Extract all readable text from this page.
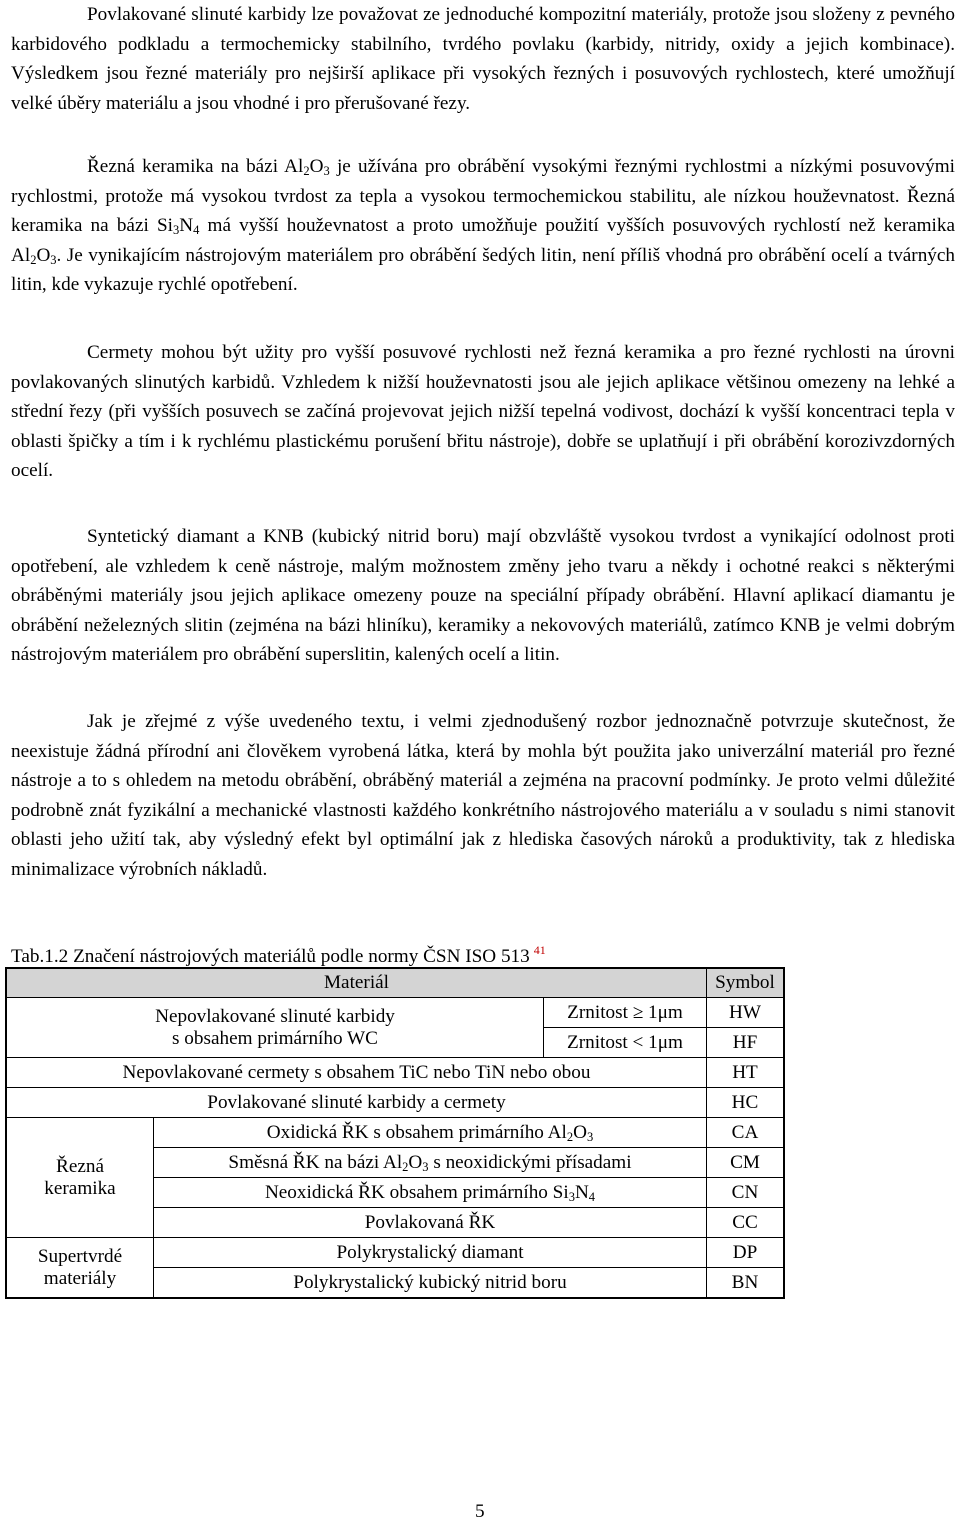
Povlakované slinuté karbidy lze považovat ze jednoduché kompozitní materiály, protože jsou složeny z pevného karbidového podkladu a termochemicky stabilního, tvrdého povlaku (karbidy, nitridy, oxidy a jejich kombinace). Výsledkem jsou řezné materiály pro nejširší aplikace při vysokých řezných i posuvových rychlostech, které umožňují velké úběry materiálu a jsou vhodné i pro přerušované řezy.

Řezná keramika na bázi $Al_2O_3$ je užívána pro obrábění vysokými řeznými rychlostmi a nízkými posuvovými rychlostmi, protože má vysokou tvrdost za tepla a vysokou termochemickou stabilitu, ale nízkou houževnatost. Řezná keramika na bázi $Si_3N_4$ má vyšší houževnatost a proto umožňuje použití vyšších posuvových rychlostí než keramika $Al_2O_3$. Je vynikajícím nástrojovým materiálem pro obrábění šedých litin, není příliš vhodná pro obrábění ocelí a tvárných litin, kde vykazuje rychlé opotřebení.

Cermety mohou být užity pro vyšší posuvové rychlosti než řezná keramika a pro řezné rychlosti na úrovni povlakovaných slinutých karbidů. Vzhledem k nižší houževnatosti jsou ale jejich aplikace většinou omezeny na lehké a střední řezy (při vyšších posuvech se začíná projevovat jejich nižší tepelná vodivost, dochází k vyšší koncentraci tepla v oblasti špičky a tím i k rychlému plastickému porušení břitu nástroje), dobře se uplatňují i při obrábění korozivzdorných ocelí.

Syntetický diamant a KNB (kubický nitrid boru) mají obzvláště vysokou tvrdost a vynikající odolnost proti opotřebení, ale vzhledem k ceně nástroje, malým možnostem změny jeho tvaru a někdy i ochotné reakci s některými obráběnými materiály jsou jejich aplikace omezeny pouze na speciální případy obrábění. Hlavní aplikací diamantu je obrábění neželezných slitin (zejména na bázi hliníku), keramiky a nekovových materiálů, zatímco KNB je velmi dobrým nástrojovým materiálem pro obrábění superslitin, kalených ocelí a litin.

Jak je zřejmé z výše uvedeného textu, i velmi zjednodušený rozbor jednoznačně potvrzuje skutečnost, že neexistuje žádná přírodní ani člověkem vyrobená látka, která by mohla být použita jako univerzální materiál pro řezné nástroje a to s ohledem na metodu obrábění, obráběný materiál a zejména na pracovní podmínky. Je proto velmi důležité podrobně znát fyzikální a mechanické vlastnosti každého konkrétního nástrojového materiálu a v souladu s nimi stanovit oblasti jeho užití tak, aby výsledný efekt byl optimální jak z hlediska časových nároků a produktivity, tak z hlediska minimalizace výrobních nákladů.

Tab.1.2 Značení nástrojových materiálů podle normy ČSN ISO 513 $^{41}$
Materiál			Symbol
Nepovlakované slinuté karbidy
s obsahem primárního WC		Zrnitost ≥ 1μm	HW
		Zrnitost < 1μm	HF
Nepovlakované cermety s obsahem TiC nebo TiN nebo obou			HT
Povlakované slinuté karbidy a cermety			HC
Řezná
keramika	Oxidická ŘK s obsahem primárního $Al_2O_3$		CA
	Směsná ŘK na bázi $Al_2O_3$ s neoxidickými přísadami		CM
	Neoxidická ŘK obsahem primárního $Si_3N_4$		CN
	Povlakovaná ŘK		CC
Supertvrdé
materiály	Polykrystalický diamant		DP
	Polykrystalický kubický nitrid boru		BN
5
